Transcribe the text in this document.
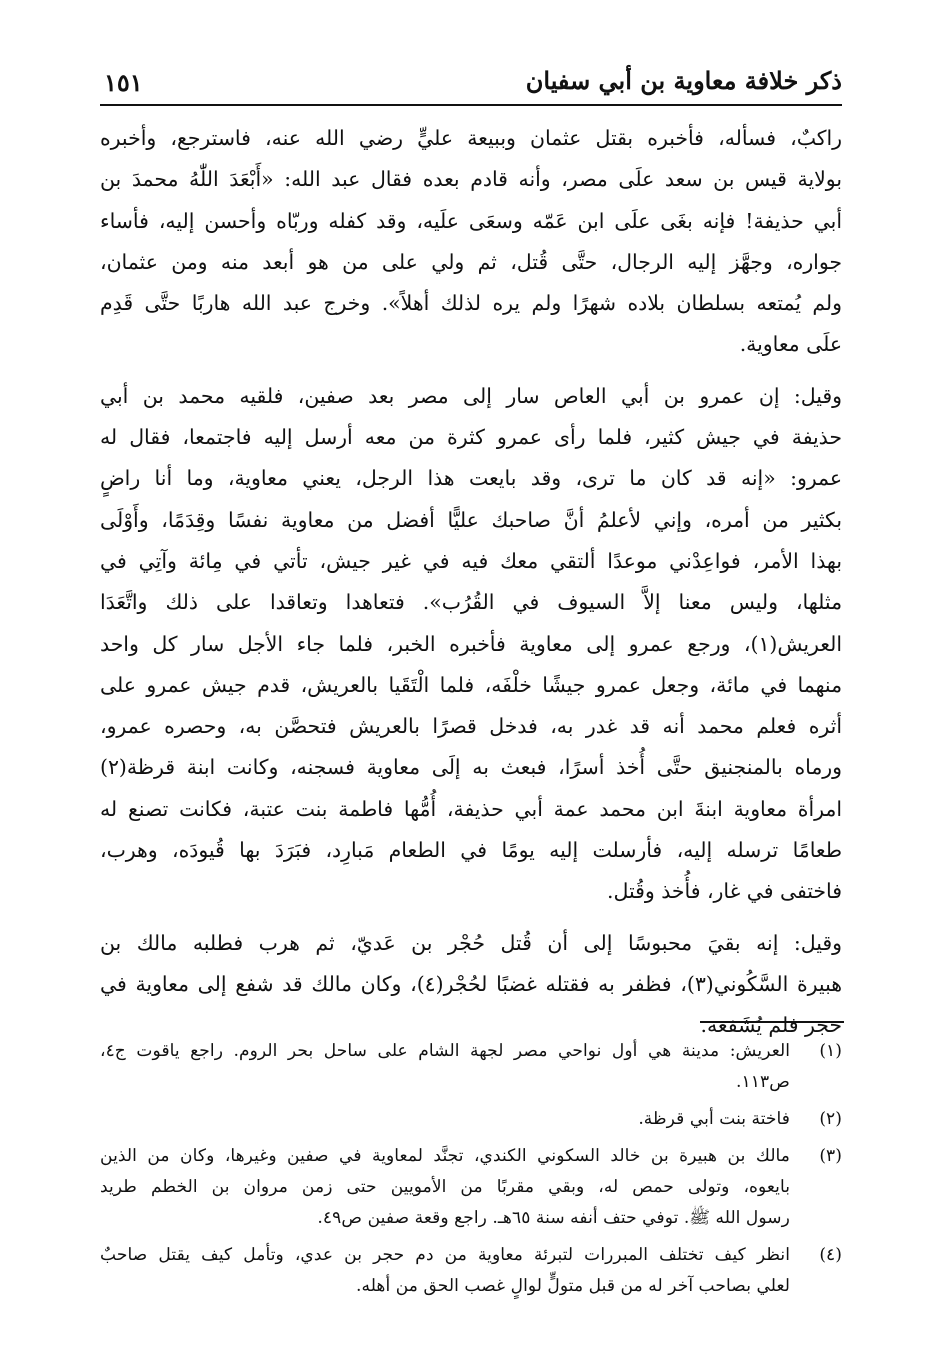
ذكر خلافة معاوية بن أبي سفيان
١٥١

راكبٌ، فسأله، فأخبره بقتل عثمان وببيعة عليٍّ رضي الله عنه، فاسترجع، وأخبره
بولاية قيس بن سعد علَى مصر، وأنه قادم بعده فقال عبد الله: «أَبْعَدَ اللّٰهُ محمدَ بن
أبي حذيفة! فإنه بغَى علَى ابن عَمّه وسعَى علَيه، وقد كفله وربّاه وأحسن إليه، فأساء
جواره، وجهَّز إليه الرجال، حتَّى قُتل، ثم ولي على من هو أبعد منه ومن عثمان،
ولم يُمتعه بسلطان بلاده شهرًا ولم يره لذلك أهلاً». وخرج عبد الله هاربًا حتَّى قَدِم
علَى معاوية.

وقيل: إن عمرو بن أبي العاص سار إلى مصر بعد صفين، فلقيه محمد بن أبي
حذيفة في جيش كثير، فلما رأى عمرو كثرة من معه أرسل إليه فاجتمعا، فقال له
عمرو: «إنه قد كان ما ترى، وقد بايعت هذا الرجل، يعني معاوية، وما أنا راضٍ
بكثير من أمره، وإني لأعلمُ أنَّ صاحبك عليًّا أفضل من معاوية نفسًا وقِدَمًا، وأَوْلَى
بهذا الأمر، فواعِدْني موعدًا ألتقي معك فيه في غير جيش، تأتي في مِائة وآتِي في
مثلها، وليس معنا إلاَّ السيوف في القُرُب». فتعاهدا وتعاقدا على ذلك واتَّعَدَا
العريش(١)، ورجع عمرو إلى معاوية فأخبره الخبر، فلما جاء الأجل سار كل واحد
منهما في مائة، وجعل عمرو جيشًا خلْفَه، فلما الْتَقَيا بالعريش، قدم جيش عمرو على
أثره فعلم محمد أنه قد غدر به، فدخل قصرًا بالعريش فتحصَّن به، وحصره عمرو،
ورماه بالمنجنيق حتَّى أُخذ أسرًا، فبعث به إلَى معاوية فسجنه، وكانت ابنة قرظة(٢)
امرأة معاوية ابنةَ ابن محمد عمة أبي حذيفة، أُمُّها فاطمة بنت عتبة، فكانت تصنع له
طعامًا ترسله إليه، فأرسلت إليه يومًا في الطعام مَبارِد، فبَرَدَ بها قُيودَه، وهرب،
فاختفى في غار، فأُخذ وقُتل.

وقيل: إنه بقيَ محبوسًا إلى أن قُتل حُجْر بن عَديّ، ثم هرب فطلبه مالك بن
هبيرة السَّكُوني(٣)، فظفر به فقتله غضبًا لحُجْر(٤)، وكان مالك قد شفع إلى معاوية في
حجر فلم يُشَفعه.

(١)
العريش: مدينة هي أول نواحي مصر لجهة الشام على ساحل بحر الروم. راجع ياقوت ج٤،
ص١١٣.
(٢)
فاختة بنت أبي قرظة.
(٣)
مالك بن هبيرة بن خالد السكوني الكندي، تجنَّد لمعاوية في صفين وغيرها، وكان من الذين
بايعوه، وتولى حمص له، وبقي مقربًا من الأمويين حتى زمن مروان بن الخطم طريد
رسول الله ﷺ. توفي حتف أنفه سنة ٦٥هـ. راجع وقعة صفين ص٤٩.
(٤)
انظر كيف تختلف المبررات لتبرئة معاوية من دم حجر بن عدي، وتأمل كيف يقتل صاحبٌ
لعلي بصاحب آخر له من قبل متولٍّ لوالٍ غصب الحق من أهله.
